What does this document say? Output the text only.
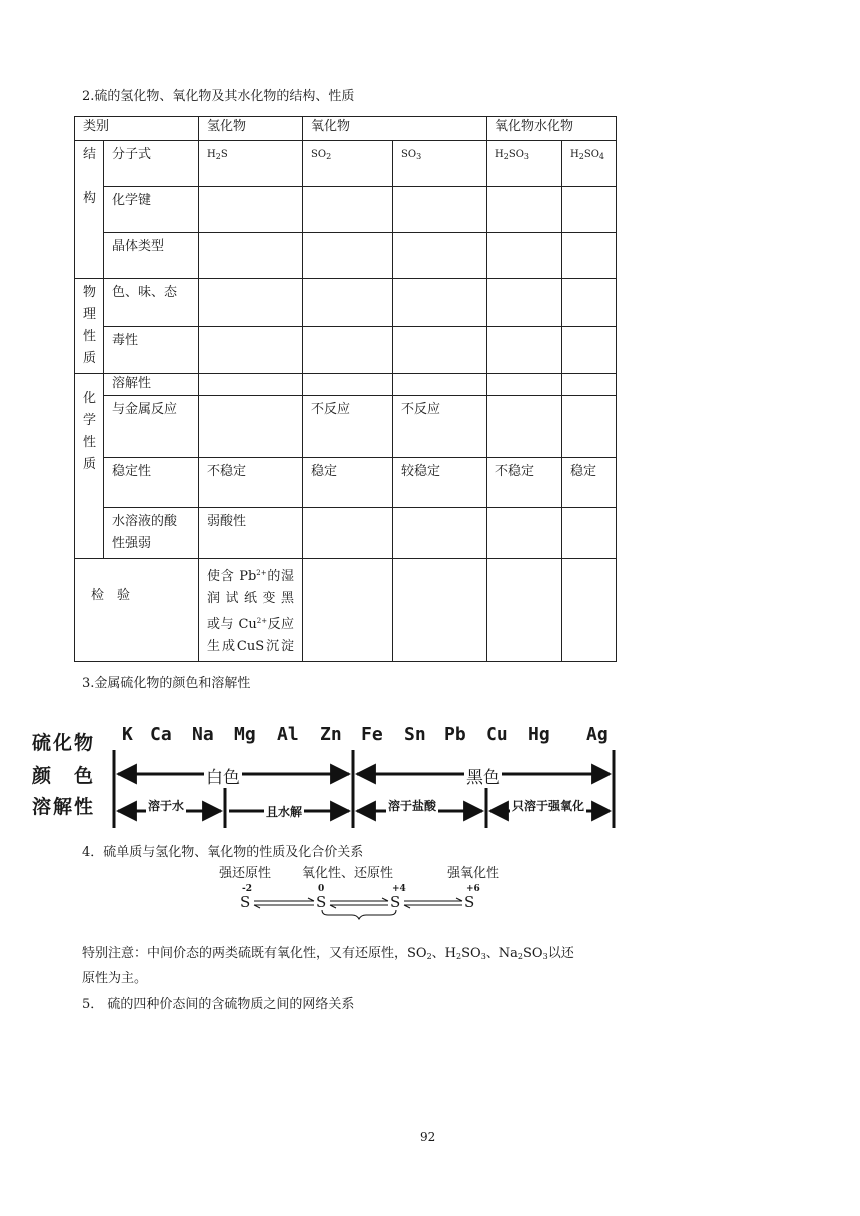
2.硫的氢化物、氧化物及其水化物的结构、性质
类别		氢化物	氧化物		氧化物水化物	

结
构	分子式	$H_2S$	$SO_2$	$SO_3$	$H_2SO_3$	$H_2SO_4$
	化学键					
	晶体类型					

物
理
性
质	色、味、态					
	毒性					

化
学
性
质	溶解性					
	与金属反应		不反应	不反应		
	稳定性	不稳定	稳定	较稳定	不稳定	稳定

	水溶液的酸
性强弱	弱酸性				
检　验		使含 $Pb^{2+}$的湿
润试纸变黑
或与 $Cu^{2+}$反应
生成CuS沉淀				

3.金属硫化物的颜色和溶解性
硫化物
颜　色
溶解性
K Ca Na Mg Al Zn Fe Sn Pb Cu Hg Ag
白色	黑色
溶于水	且水解	溶于盐酸	只溶于强氧化
4．硫单质与氢化物、氧化物的性质及化合价关系
强还原性 氧化性、还原性	强氧化性
-2	0	+4	+6
S	S	S	S
特别注意：中间价态的两类硫既有氧化性，又有还原性，$SO_2$、$H_2SO_3$、$Na_2SO_3$以还
原性为主。
5． 硫的四种价态间的含硫物质之间的网络关系
92
